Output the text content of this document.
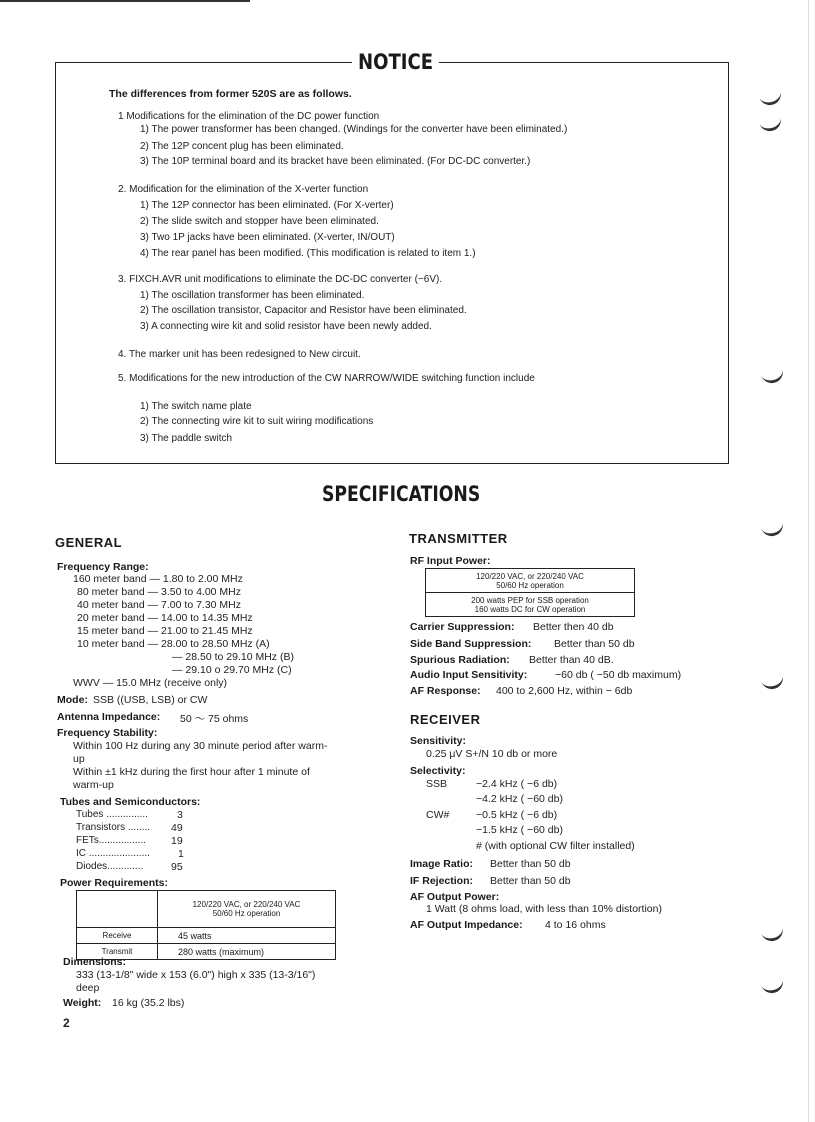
NOTICE
The differences from former 520S are as follows.
1 Modifications for the elimination of the DC power function
1) The power transformer has been changed. (Windings for the converter have been eliminated.)
2) The 12P concent plug has been eliminated.
3) The 10P terminal board and its bracket have been eliminated. (For DC-DC converter.)
2. Modification for the elimination of the X-verter function
1) The 12P connector has been eliminated. (For X-verter)
2) The slide switch and stopper have been eliminated.
3) Two 1P jacks have been eliminated. (X-verter, IN/OUT)
4) The rear panel has been modified. (This modification is related to item 1.)
3. FIXCH.AVR unit modifications to eliminate the DC-DC converter (−6V).
1) The oscillation transformer has been eliminated.
2) The oscillation transistor, Capacitor and Resistor have been eliminated.
3) A connecting wire kit and solid resistor have been newly added.
4. The marker unit has been redesigned to New circuit.
5. Modifications for the new introduction of the CW NARROW/WIDE switching function include
1) The switch name plate
2) The connecting wire kit to suit wiring modifications
3) The paddle switch
SPECIFICATIONS
GENERAL
Frequency Range:
160 meter band — 1.80 to 2.00 MHz
80 meter band — 3.50 to 4.00 MHz
40 meter band — 7.00 to 7.30 MHz
20 meter band — 14.00 to 14.35 MHz
15 meter band — 21.00 to 21.45 MHz
10 meter band — 28.00 to 28.50 MHz (A)
— 28.50 to 29.10 MHz (B)
— 29.10 o 29.70 MHz (C)
WWV — 15.0 MHz (receive only)
Mode: SSB ((USB, LSB) or CW
Antenna Impedance: 50 ～ 75 ohms
Frequency Stability:
Within 100 Hz during any 30 minute period after warm-
up
Within ±1 kHz during the first hour after 1 minute of
warm-up
Tubes and Semiconductors:
Tubes ...............	3
Transistors ........ 49
FETs................. 19
IC ......................	1
Diodes.............	95
Power Requirements:
	120/220 VAC, or 220/240 VAC
50/60 Hz operation
Receive	45 watts
Transmit	280 watts (maximum)
Dimensions:
333 (13-1/8" wide x 153 (6.0") high x 335 (13-3/16")
deep
Weight: 16 kg (35.2 lbs)
2
TRANSMITTER
RF Input Power:
120/220 VAC, or 220/240 VAC
50/60 Hz operation
200 watts PEP for SSB operation
160 watts DC for CW operation
Carrier Suppression: Better then 40 db
Side Band Suppression: Better than 50 db
Spurious Radiation: Better than 40 dB.
Audio Input Sensitivity:	−60 db ( −50 db maximum)
AF Response: 400 to 2,600 Hz, within − 6db
RECEIVER
Sensitivity:
0.25 μV S+/N 10 db or more
Selectivity:
SSB	−2.4 kHz ( −6 db)
−4.2 kHz ( −60 db)
CW#	−0.5 kHz ( −6 db)
−1.5 kHz ( −60 db)
# (with optional CW filter installed)
Image Ratio: Better than 50 db
IF Rejection: Better than 50 db
AF Output Power:
1 Watt (8 ohms load, with less than 10% distortion)
AF Output Impedance: 4 to 16 ohms
